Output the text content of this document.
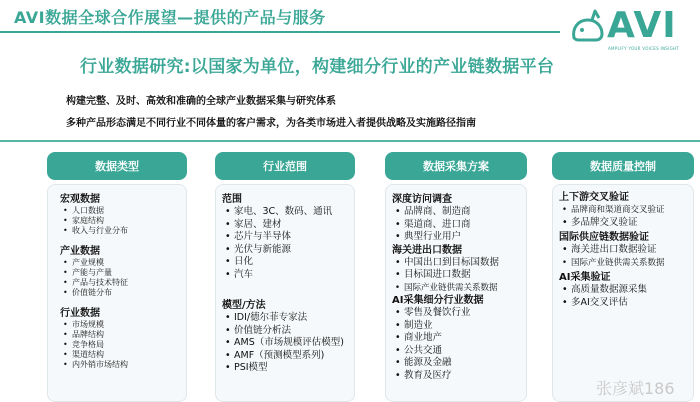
AVI数据全球合作展望—提供的产品与服务	AVI
AMPLIFY YOUR VOICES INSIGHT
行业数据研究:以国家为单位，构建细分行业的产业链数据平台
构建完整、及时、高效和准确的全球产业数据采集与研究体系
多种产品形态满足不同行业不同体量的客户需求，为各类市场进入者提供战略及实施路径指南
数据类型
宏观数据
• 人口数据
• 家庭结构
• 收入与行业分布
产业数据
• 产业规模
• 产能与产量
• 产品与技术特征
• 价值链分布
行业数据
• 市场规模
• 品牌结构
• 竞争格局
• 渠道结构
• 内外销市场结构
行业范围
范围
• 家电、3C、数码、通讯
• 家居、建材
• 芯片与半导体
• 光伏与新能源
• 日化
• 汽车
模型/方法
• IDI/德尔菲专家法
• 价值链分析法
• AMS（市场规模评估模型)
• AMF（预测模型系列)
• PSI模型
数据采集方案
深度访问调查
• 品牌商、制造商
• 渠道商、进口商
• 典型行业用户
海关进出口数据
• 中国出口到目标国数据
• 目标国进口数据
• 国际产业链供需关系数据
AI采集细分行业数据
• 零售及餐饮行业
• 制造业
• 商业地产
• 公共交通
• 能源及金融
• 教育及医疗
数据质量控制
上下游交叉验证
• 品牌商和渠道商交叉验证
• 多品牌交叉验证
国际供应链数据验证
• 海关进出口数据验证
• 国际产业链供需关系数据
AI采集验证
• 高质量数据源采集
• 多AI交叉评估
张彦斌186
